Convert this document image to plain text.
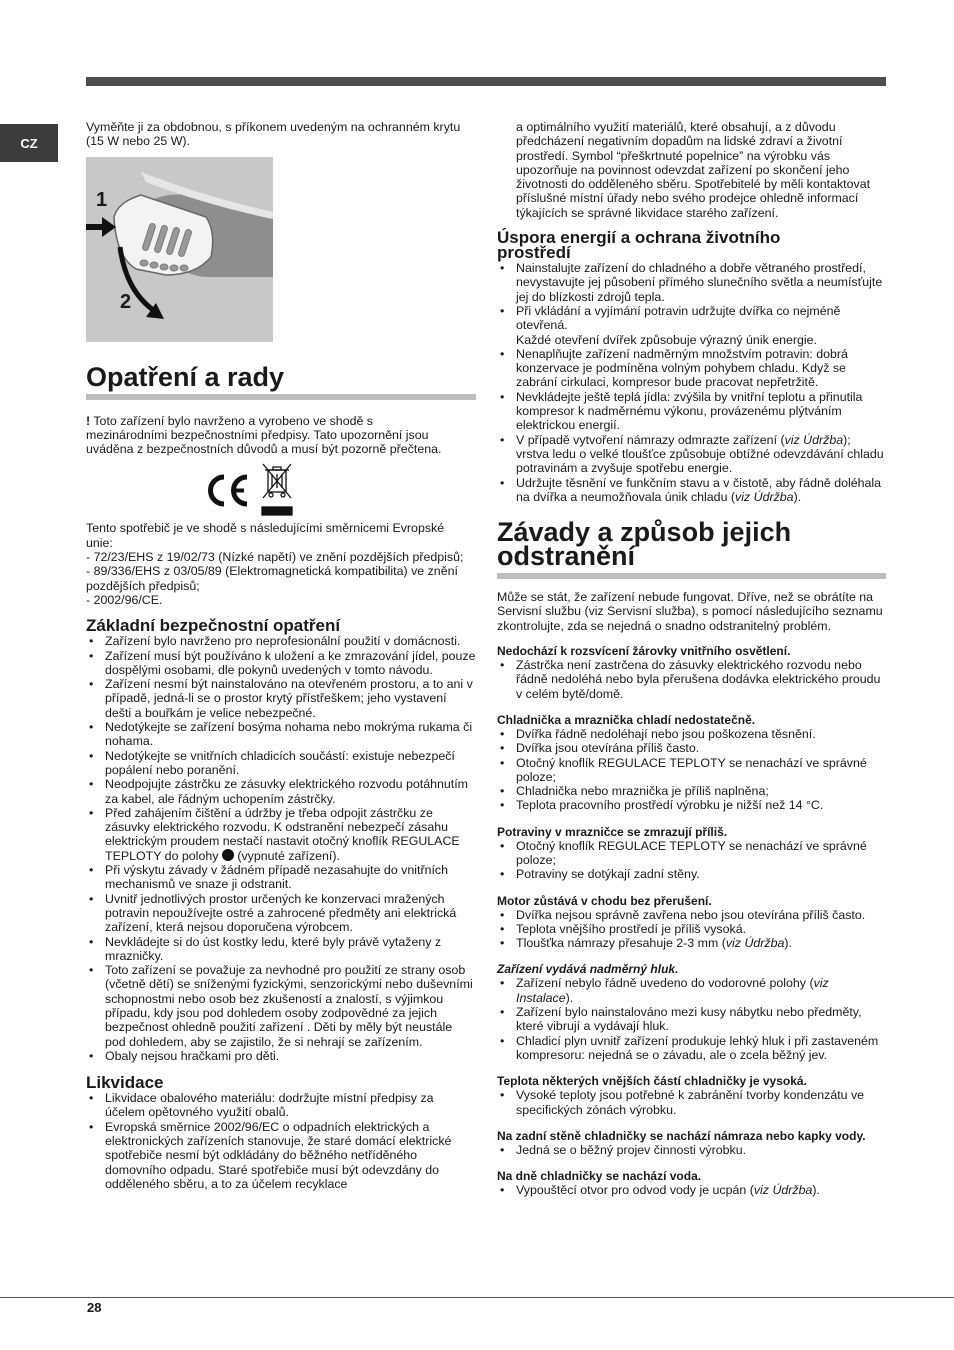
CZ

Vyměňte ji za obdobnou, s příkonem uvedeným na ochranném krytu (15 W nebo 25 W).

1
2
Opatření a rady

! Toto zařízení bylo navrženo a vyrobeno ve shodě s mezinárodními bezpečnostními předpisy. Tato upozornění jsou uváděna z bezpečnostních důvodů a musí být pozorně přečtena.

Tento spotřebič je ve shodě s následujícími směrnicemi Evropské unie:

- 72/23/EHS z 19/02/73 (Nízké napětí) ve znění pozdějších předpisů;

- 89/336/EHS z 03/05/89 (Elektromagnetická kompatibilita) ve znění pozdějších předpisů;

- 2002/96/CE.

Základní bezpečnostní opatření
• Zařízení bylo navrženo pro neprofesionální použití v domácnosti.
• Zařízení musí být používáno k uložení a ke zmrazování jídel, pouze dospělými osobami, dle pokynů uvedených v tomto návodu.
• Zařízení nesmí být nainstalováno na otevřeném prostoru, a to ani v případě, jedná-li se o prostor krytý přístřeškem; jeho vystavení dešti a bouřkám je velice nebezpečné.
• Nedotýkejte se zařízení bosýma nohama nebo mokrýma rukama či nohama.
• Nedotýkejte se vnitřních chladicích součástí: existuje nebezpečí popálení nebo poranění.
• Neodpojujte zástrčku ze zásuvky elektrického rozvodu potáhnutím za kabel, ale řádným uchopením zástrčky.
• Před zahájením čištění a údržby je třeba odpojit zástrčku ze zásuvky elektrického rozvodu. K odstranění nebezpečí zásahu elektrickým proudem nestačí nastavit otočný knoflík REGULACE TEPLOTY do polohy  (vypnuté zařízení).
• Při výskytu závady v žádném případě nezasahujte do vnitřních mechanismů ve snaze ji odstranit.
• Uvnitř jednotlivých prostor určených ke konzervaci mražených potravin nepoužívejte ostré a zahrocené předměty ani elektrická zařízení, která nejsou doporučena výrobcem.
• Nevkládejte si do úst kostky ledu, které byly právě vytaženy z mrazničky.
• Toto zařízení se považuje za nevhodné pro použití ze strany osob (včetně dětí) se sníženými fyzickými, senzorickými nebo duševními schopnostmi nebo osob bez zkušeností a znalostí, s výjimkou případu, kdy jsou pod dohledem osoby zodpovědné za jejich bezpečnost ohledně použití zařízení . Děti by měly být neustále pod dohledem, aby se zajistilo, že si nehrají se zařízením.
• Obaly nejsou hračkami pro děti.
Likvidace
• Likvidace obalového materiálu: dodržujte místní předpisy za účelem opětovného využití obalů.
• Evropská směrnice 2002/96/EC o odpadních elektrických a elektronických zařízeních stanovuje, že staré domácí elektrické spotřebiče nesmí být odkládány do běžného netříděného domovního odpadu. Staré spotřebiče musí být odevzdány do odděleného sběru, a to za účelem recyklace

a optimálního využití materiálů, které obsahují, a z důvodu předcházení negativním dopadům na lidské zdraví a životní prostředí. Symbol “přeškrtnuté popelnice” na výrobku vás upozorňuje na povinnost odevzdat zařízení po skončení jeho životnosti do odděleného sběru. Spotřebitelé by měli kontaktovat příslušné místní úřady nebo svého prodejce ohledně informací týkajících se správné likvidace starého zařízení.

Úspora energií a ochrana životního prostředí
• Nainstalujte zařízení do chladného a dobře větraného prostředí, nevystavujte jej působení přímého slunečního světla a neumísťujte jej do blízkosti zdrojů tepla.
• Při vkládání a vyjímání potravin udržujte dvířka co nejméně otevřená.
Každé otevření dvířek způsobuje výrazný únik energie.
• Nenaplňujte zařízení nadměrným množstvím potravin: dobrá konzervace je podmíněna volným pohybem chladu. Když se zabrání cirkulaci, kompresor bude pracovat nepřetržitě.
• Nevkládejte ještě teplá jídla: zvýšila by vnitřní teplotu a přinutila kompresor k nadměrnému výkonu, provázenému plýtváním elektrickou energií.
• V případě vytvoření námrazy odmrazte zařízení (viz Údržba); vrstva ledu o velké tloušťce způsobuje obtížné odevzdávání chladu potravinám a zvyšuje spotřebu energie.
• Udržujte těsnění ve funkčním stavu a v čistotě, aby řádně doléhala na dvířka a neumožňovala únik chladu (viz Údržba).
Závady a způsob jejich odstranění

Může se stát, že zařízení nebude fungovat. Dříve, než se obrátíte na Servisní službu (viz Servisní služba), s pomocí následujícího seznamu zkontrolujte, zda se nejedná o snadno odstranitelný problém.

Nedochází k rozsvícení žárovky vnitřního osvětlení.
• Zástrčka není zastrčena do zásuvky elektrického rozvodu nebo řádně nedoléhá nebo byla přerušena dodávka elektrického proudu v celém bytě/domě.
Chladnička a mraznička chladí nedostatečně.
• Dvířka řádně nedoléhají nebo jsou poškozena těsnění.
• Dvířka jsou otevírána příliš často.
• Otočný knoflík REGULACE TEPLOTY se nenachází ve správné poloze;
• Chladnička nebo mraznička je příliš naplněna;
• Teplota pracovního prostředí výrobku je nižší než 14 °C.
Potraviny v mrazničce se zmrazují příliš.
• Otočný knoflík REGULACE TEPLOTY se nenachází ve správné poloze;
• Potraviny se dotýkají zadní stěny.
Motor zůstává v chodu bez přerušení.
• Dvířka nejsou správně zavřena nebo jsou otevírána příliš často.
• Teplota vnějšího prostředí je příliš vysoká.
• Tloušťka námrazy přesahuje 2-3 mm (viz Údržba).
Zařízení vydává nadměrný hluk.
• Zařízení nebylo řádně uvedeno do vodorovné polohy (viz Instalace).
• Zařízení bylo nainstalováno mezi kusy nábytku nebo předměty, které vibrují a vydávají hluk.
• Chladicí plyn uvnitř zařízení produkuje lehký hluk i při zastaveném kompresoru: nejedná se o závadu, ale o zcela běžný jev.
Teplota některých vnějších částí chladničky je vysoká.
• Vysoké teploty jsou potřebné k zabránění tvorby kondenzátu ve specifických zónách výrobku.
Na zadní stěně chladničky se nachází námraza nebo kapky vody.
• Jedná se o běžný projev činnosti výrobku.
Na dně chladničky se nachází voda.
• Vypouštěcí otvor pro odvod vody je ucpán (viz Údržba).
28
